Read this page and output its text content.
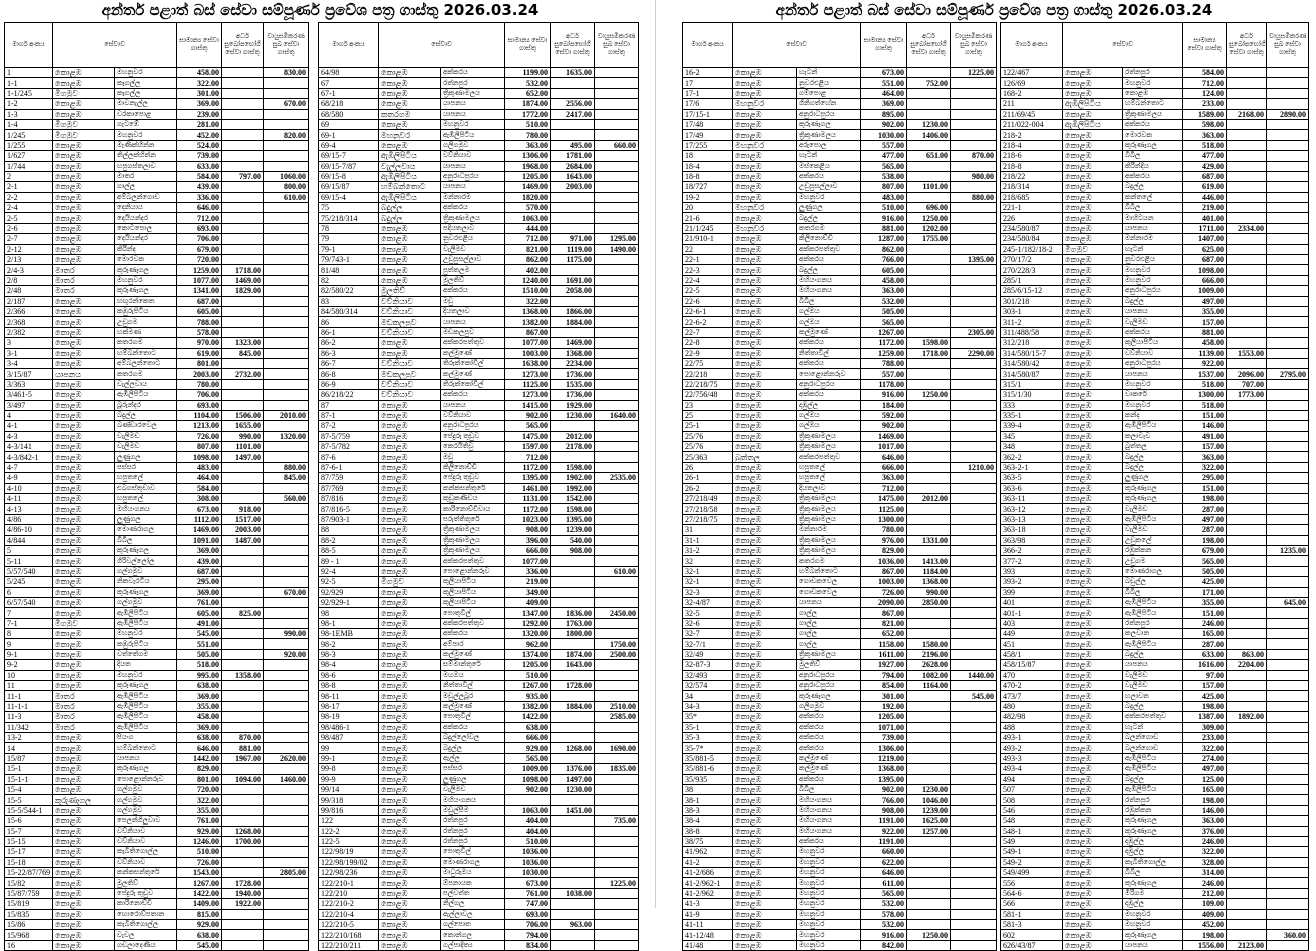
අන්තර් පළාත් බස් සේවා සම්පූර්ණ ප්‍රවේශ පත්‍ර ගාස්තු 2026.03.24
මාර්ග අංකය	සේවාව		සාමාන්‍ය සේවා ගාස්තු	අර්ධ සුඛෝපභෝගී සේවා ගාස්තු	වායුසමීකරණ සුඛ සේවා ගාස්තු
1	කොළඹ	මහනුවර	458.00		830.00
1-1	කොළඹ	කෑගල්ල	322.00		
1-1/245	මීගමුව	කෑගල්ල	301.00		
1-2	කොළඹ	මාවනැල්ල	369.00		670.00
1-3	කොළඹ	වරකාපොළ	239.00		
1-4	මීගමුව	ගැටඹේ	281.00		
1/245	මීගමුව	මහනුවර	452.00		820.00
1/255	කොළඹ	මැණික්හින්න	524.00		
1/627	කොළඹ	තිල්ලක්හින්න	739.00		
1/744	කොළඹ	හපුගස්තලාව	633.00		
2	කොළඹ	මාතර	584.00	797.00	1060.00
2-1	කොළඹ	ගාල්ල	439.00		800.00
2-2	කොළඹ	අම්බලන්ගොඩ	336.00		610.00
2-4	කොළඹ	දෙනියාය	646.00		
2-5	කොළඹ	දෙයියන්දර	712.00		
2-6	කොළඹ	කොටපොල	693.00		
2-7	කොළඹ	දෙයියන්දර	706.00		
2-12	කොළඹ	කිරින්ද	679.00		
2/13	කොළඹ	මොරවක	720.00		
2/4-3	මාතර	කුරුණෑගල	1259.00	1718.00	
2/8	මාතර	මහනුවර	1077.00	1469.00	
2/48	මාතර	කුරුණෑගල	1341.00	1829.00	
2/187	කොළඹ	හඟුරන්කෙත	687.00		
2/366	කොළඹ	කඹුරුපිටිය	605.00		
2/368	කොළඹ	උඩුගම	788.00		
2/382	කොළඹ	හක්මණ	578.00		
3	කොළඹ	කතරගම	970.00	1323.00	
3-1	කොළඹ	හම්බන්තොට	619.00	845.00	
3-4	කොළඹ	අම්බලන්තොට	801.00		
3/15/87	යාපනය	කතරගම	2003.00	2732.00	
3/363	කොළඹ	වැල්ලවාය	780.00		
3/461-5	කොළඹ	ඇඹිලිපිටිය	706.00		
3/497	කොළඹ	බූරුන්දර	693.00		
4	කොළඹ	බදුල්ල	1104.00	1506.00	2010.00
4-1	කොළඹ	බණ්ඩාරවෙල	1213.00	1655.00	
4-3	කොළඹ	වැලිමඩ	726.00	990.00	1320.00
4-3/141	කොළඹ	වැලිමඩ	807.00	1101.00	
4-3/842-1	කොළඹ	ලුණුගල	1098.00	1497.00	
4-7	කොළඹ	පස්සර	483.00		880.00
4-9	කොළඹ	හපුතලේ	464.00		845.00
4-10	කොළඹ	එබගස්තුඩාව	584.00		
4-11	කොළඹ	හපුතලේ	308.00		560.00
4-13	කොළඹ	මහියංගනය	673.00	918.00	
4/86	කොළඹ	ලුණුගල	1112.00	1517.00	
4/86-10	කොළඹ	මොණරාගල	1469.00	2003.00	
4/844	කොළඹ	බිබිල	1091.00	1487.00	
5	කොළඹ	කුරුණෑගල	369.00		
5-11	කොළඹ	ගිරිවල්ලෝල	439.00		
5/57/540	කොළඹ	ගල්ගමුව	687.00		
5/245	කොළඹ	නිකවැරටිය	295.00		
6	කොළඹ	කුරුණෑගල	369.00		670.00
6/57/540	කොළඹ	ගල්ගමුව	761.00		
7	කොළඹ	ඇඹිලිපිටිය	605.00	825.00	
7-1	මීගමුව	ඇඹිලිපිටිය	491.00		
8	කොළඹ	මහනුවර	545.00		990.00
9	කොළඹ	කඹුරුපිටිය	551.00		
9-1	කොළඹ	වත්තේගම	505.00		920.00
9-2	කොළඹ	දියත	518.00		
10	කොළඹ	මහනුවර	995.00	1358.00	
11	කොළඹ	කුරුණෑගල	638.00		
11-1	මාතර	ඇඹිලිපිටිය	369.00		
11-1-1	මාතර	ඇඹිලිපිටිය	355.00		
11-3	මාතර	ඇඹිලිපිටිය	458.00		
11/342	මාතර	ඇඹිලිපිටිය	369.00		
13-2	කොළඹ	පියංග	638.00	870.00	
14	කොළඹ	හම්බන්තොට	646.00	881.00	
15/87	කොළඹ	යාපනය	1442.00	1967.00	2620.00
15-1	කොළඹ	කුරුණෑගල	829.00		
15-1-1	කොළඹ	පොළොන්නරුව	801.00	1094.00	1460.00
15-4	කොළඹ	ගල්ගමුව	720.00		
15-5	කුරුණෑගල	ගල්ගමුව	322.00		
15-5/544-1	කොළඹ	ගල්ගමුව	355.00		
15-6	කොළඹ	පෙලන්ගිලුවාව	761.00		
15-7	කොළඹ	වව්නියාව	929.00	1268.00	
15-15	කොළඹ	වව්නියාව	1246.00	1700.00	
15-17	කොළඹ	කැබිතිගොල්ල	510.00		
15-18	කොළඹ	වව්නියාව	726.00		
15-22/87/769	කොළඹ	කන්කසන්තුරේ	1543.00		2805.00
15/82	කොළඹ	මුලතිව්	1267.00	1728.00	
15/87/759	කොළඹ	පේදුරු තුඩුව	1422.00	1940.00	
15/819	කොළඹ	කාරිනොච්චි	1409.00	1922.00	
15/835	කොළඹ	හොරොව්පතාන	815.00		
15/86	කොළඹ	කැබිතිගොල්ල	929.00		
15/968	කොළඹ	වැවල	638.00		
16	කොළඹ	ගඩලාදෙණිය	545.00		
මාර්ග අංකය	සේවාව		සාමාන්‍ය සේවා ගාස්තු	අර්ධ සුඛෝපභෝගී සේවා ගාස්තු	වායුසමීකරණ සුඛ සේවා ගාස්තු
64/98	කොළඹ	අක්කරය	1199.00	1635.00	
67	කොළඹ	රත්නපුර	532.00		
67-1	කොළඹ	ත්‍රිකුණාමලය	652.00		
68/218	කොළඹ	යාපනය	1874.00	2556.00	
68/580	කතරගම	යාපනය	1772.00	2417.00	
69	කොළඹ	මහනුවර	510.00		
69-1	මහනුවර	ඇඹිලිපිටිය	780.00		
69-4	කොළඹ	ගලිගමුව	363.00	495.00	660.00
69/15-7	ඇඹිලිපිටිය	වව්නියාව	1306.00	1781.00	
69/15-7/87	වැල්ලවාය	යාපනය	1968.00	2684.00	
69/15-8	ඇඹිලිපිටිය	අනුරාධපුරය	1205.00	1643.00	
69/15/87	හම්බන්තොට	යාපනය	1469.00	2003.00	
69/15-4	ඇඹිලිපිටිය	මන්නාරම	1820.00		
75	බදුල්ල	අක්කරය	570.00		
75/218/314	බදුල්ල	ත්‍රිකුණාමලය	1063.00		
78	කොළඹ	පදියතලාව	444.00		
79	කොළඹ	නුවරඑළිය	712.00	971.00	1295.00
79-1	කොළඹ	වැලිමඩ	821.00	1119.00	1490.00
79/743-1	කොළඹ	උඩුපුසල්ලාව	862.00	1175.00	
81/48	කොළඹ	පුත්තලම	402.00		
82	කොළඹ	මුලතිව්	1240.00	1691.00	
82/580/22	මුලතිව්	අක්කරය	1510.00	2058.00	
83	වව්නියාව	මඩු	322.00		
84/580/314	වව්නියාව	දියතලාව	1368.00	1866.00	
86	මඩකලපුව	යාපනය	1382.00	1884.00	
86-1	වව්නියාව	මඩකලපුව	867.00		
86-2	කොළඹ	අක්කරපත්තුව	1077.00	1469.00	
86-3	කොළඹ	කල්මුණේ	1003.00	1368.00	
86-7	වව්නියාව	තිරුක්කෝවිල්	1638.00	2234.00	
86-8	මඩකලපුව	කල්මුණේ	1273.00	1736.00	
86-9	වව්නියාව	තිරුක්කෝවිල්	1125.00	1535.00	
86/218/22	වව්නියාව	අක්කරය	1273.00	1736.00	
87	කොළඹ	යාපනය	1415.00	1929.00	
87-1	කොළඹ	වව්නියාව	902.00	1230.00	1640.00
87-2	කොළඹ	අනුරාධපුරය	565.00		
87-5/759	කොළඹ	පේදුරු තුඩුව	1475.00	2012.00	
87-5/782	කොළඹ	කෙරයිතිවු	1597.00	2178.00	
87-6	කොළඹ	මඩු	712.00		
87-6-1	කොළඹ	කිලිනොච්චි	1172.00	1598.00	
87/759	කොළඹ	පේදුරු තුඩුව	1395.00	1902.00	2535.00
87/769	කොළඹ	කන්කසන්තුරේ	1461.00	1992.00	
87/816	කොළඹ	කුඩුකණිඩය	1131.00	1542.00	
87/816-5	කොළඹ	කාරිනොච්චිවාය	1172.00	1598.00	
87/903-1	කොළඹ	පරුත්තිතුරේ	1023.00	1395.00	
88	කොළඹ	ත්‍රිකුණාමලය	908.00	1239.00	
88-2	කොළඹ	ත්‍රිකුණාමලය	396.00	540.00	
88-5	කොළඹ	ත්‍රිකුණාමලය	666.00	908.00	
89 - 1	කොළඹ	අක්කරපත්තුව	1077.00		
92-4	කොළඹ	පොළොන්නරුව	336.00		610.00
92-5	මීගමුව	කුලියාපිටිය	219.00		
92/929	කොළඹ	කුලියාපිටිය	349.00		
92/929-1	කොළඹ	කුලියාපිටිය	409.00		
98	කොළඹ	පොතුවිල්	1347.00	1836.00	2450.00
98-1	කොළඹ	අක්කරපත්තුව	1292.00	1763.00	
98-1EMB	කොළඹ	අක්කරය	1320.00	1800.00	
98-2	කොළඹ	අම්පාර	962.00		1750.00
98-3	කොළඹ	කල්මුණේ	1374.00	1874.00	2500.00
98-4	කොළඹ	සම්මාන්තුරේ	1205.00	1643.00	
98-6	කොළඹ	මහඔය	510.00		
98-8	කොළඹ	නිත්තාවිල්	1267.00	1728.00	
98-11	කොළඹ	මඩුල්ලබූර	935.00		
98-17	කොළඹ	කල්මුණේ	1382.00	1884.00	2510.00
98-19	කොළඹ	පොතුවිල්	1422.00		2585.00
98/486-1	කොළඹ	අක්කරය	638.00		
98/487	කොළඹ	බදුල්ලෝවල	666.00		
99	කොළඹ	බදුල්ල	929.00	1268.00	1690.00
99-1	කොළඹ	ඇල්ල	565.00		
99-8	කොළඹ	පස්සර	1009.00	1376.00	1835.00
99-9	කොළඹ	ලුණුගල	1098.00	1497.00	
99/14	කොළඹ	වැලිමඩ	902.00	1230.00	
99/318	කොළඹ	මහියංගනය			
99/816	කොළඹ	මඩුල්සීම	1063.00	1451.00	
122	කොළඹ	රත්නපුර	404.00		735.00
122-2	කොළඹ	රත්නපුර	404.00		
122-5	කොළඹ	රත්නපුර	510.00		
122/98/19	කොළඹ	පොතුවිල්	1036.00		
122/98/199/02	කොළඹ	මොණරාගල	1036.00		
122/98/236	කොළඹ	මාධුරුඔය	1030.00		
122/210-1	කොළඹ	ඕපනායක	673.00		1225.00
122/210	කොළඹ	පල්වත්ත	761.00	1038.00	
122/210-2	කොළඹ	නිල්ගල	747.00		
122/210-4	කොළඹ	ඇල්ලාවල	693.00		
122/210-5	කොළඹ	ගල්පොත	706.00	963.00	
122/210/168	කොළඹ	කොන්ගල	794.00		
122/210/211	කොළඹ	ගල්පාදිත්‍ය	834.00		
අන්තර් පළාත් බස් සේවා සම්පූර්ණ ප්‍රවේශ පත්‍ර ගාස්තු 2026.03.24
මාර්ග අංකය	සේවාව		සාමාන්‍ය සේවා ගාස්තු	අර්ධ සුඛෝපභෝගී සේවා ගාස්තු	වායුසමීකරණ සුඛ සේවා ගාස්තු
16-2	කොළඹ	හැටන්	673.00		1225.00
17	කොළඹ	නුවරඑළිය	551.00	752.00	
17-1	කොළඹ	ගම්පොළ	464.00		
17/6	මහනුවර	ගිනිගත්හේන	369.00		
17/15-1	කොළඹ	අනුරාධපුරය	895.00		
17/48	කොළඹ	කුරුණෑගල	902.00	1230.00	
17/49	කොළඹ	ත්‍රිකුණාමලය	1030.00	1406.00	
17/255	මහනුවර	අරුපොල	557.00		
18	කොළඹ	හැටන්	477.00	651.00	870.00
18-4	කොළඹ	මස්කෙළිය	565.00		
18-8	කොළඹ	අක්කරය	538.00		980.00
18/727	කොළඹ	උඩුපුසල්ලාව	807.00	1101.00	
19-2	කොළඹ	මහනුවර	483.00		880.00
20	මහනුවර	ලුණුගල	510.00	696.00	
21-6	කොළඹ	බදුල්ල	916.00	1250.00	
21/1/245	මහනුවර	කතරගම	881.00	1202.00	
21/910-1	කොළඹ	කිලිනොච්චි	1287.00	1755.00	
22	කොළඹ	අක්කරපත්තුව	862.00		
22-1	කොළඹ	අක්කරය	766.00		1395.00
22-3	කොළඹ	බදුල්ල	605.00		
22-4	කොළඹ	මහියංගනය	458.00		
22-5	කොළඹ	මහියංගනය	363.00		
22-6	කොළඹ	බිබිල	532.00		
22-6-1	කොළඹ	ගල්ඔය	505.00		
22-6-2	කොළඹ	ගල්ඔය	565.00		
22-7	කොළඹ	කල්මුණේ	1267.00		2305.00
22-8	කොළඹ	අක්කරය	1172.00	1598.00	
22-9	කොළඹ	නිත්තාවිල්	1259.00	1718.00	2290.00
22/75	කොළඹ	අක්කරය	788.00		
22/218	කොළඹ	පොළොන්නරුව	557.00		
22/218/75	කොළඹ	අනුරාධපුරය	1178.00		
22/756/48	කොළඹ	අක්කරය	916.00	1250.00	
23	කොළඹ	දඹුල්ල	184.00		
25	කොළඹ	ගල්ඔය	592.00		
25-1	කොළඹ	ගල්ඔය	902.00		
25/76	කොළඹ	ත්‍රිකුණාමලය	1469.00		
25/76	කොළඹ	ත්‍රිකුණාමලය	1017.00		
25/363	බුත්තල	අක්කරපත්තුව	646.00		
26	කොළඹ	හපුතලේ	666.00		1210.00
26-1	කොළඹ	හපුතලේ	363.00		
26-2	කොළඹ	දියතලාව	712.00		
27/218/49	කොළඹ	ත්‍රිකුණාමලය	1475.00	2012.00	
27/218/58	කොළඹ	ත්‍රිකුණාමලය	1125.00		
27/218/75	කොළඹ	ත්‍රිකුණාමලය	1300.00		
31	කොළඹ	මන්නාරම	780.00		
31-1	කොළඹ	ත්‍රිකුණාමලය	976.00	1331.00	
31-2	කොළඹ	ත්‍රිකුණාමලය	829.00		
32	කොළඹ	කතරගම	1036.00	1413.00	
32-1	කොළඹ	හම්බන්තොට	867.00	1184.00	
32-1	කොළඹ	ගොඩකවෙල	1003.00	1368.00	
32-3	කොළඹ	ගොඩකවෙල	726.00	990.00	
32-4/87	කොළඹ	යාපනය	2090.00	2850.00	
32-5	කොළඹ	ගාල්ල	867.00		
32-6	කොළඹ	ගාල්ල	821.00		
32-7	කොළඹ	ගාල්ල	652.00		
32-7/1	කොළඹ	ගාල්ල	1158.00	1580.00	
32/49	කොළඹ	ත්‍රිකුණාමලය	1611.00	2196.00	
32-87-3	කොළඹ	මුලතිව්	1927.00	2628.00	
32/493	කොළඹ	අනුරාධපුරය	794.00	1082.00	1440.00
32/574	කොළඹ	අනුරාධපුරය	854.00	1164.00	
34	කොළඹ	කුරුණෑගල	301.00		545.00
34-3	කොළඹ	ගලිගමුව	192.00		
35*	කොළඹ	අක්කරය	1205.00		
35-1	කොළඹ	අක්කරය	1071.00		
35-3	කොළඹ	අක්කරය	739.00		
35-7*	කොළඹ	අක්කරය	1306.00		
35/881-5	කොළඹ	කල්මුණේ	1219.00		
35/881-6	කොළඹ	කල්මුණේ	1368.00		
35/935	කොළඹ	අක්කරය	1395.00		
38	කොළඹ	බිබිල	902.00	1230.00	
38-1	කොළඹ	මහියංගනය	766.00	1046.00	
38-3	කොළඹ	මහියංගනය	908.00	1239.00	
38-4	කොළඹ	මහියංගනය	1191.00	1625.00	
38-8	කොළඹ	මහියංගනය	922.00	1257.00	
38/75	කොළඹ	අක්කරය	1191.00		
41/962	කොළඹ	මහනුවර	660.00		
41-2	කොළඹ	මහනුවර	622.00		
41-2/686	කොළඹ	මහනුවර	646.00		
41-2/962-1	කොළඹ	මහනුවර	611.00		
41-2/962	කොළඹ	මහනුවර	565.00		
41-3	කොළඹ	මහනුවර	532.00		
41-9	කොළඹ	මහනුවර	578.00		
41-11	කොළඹ	මහනුවර	532.00		
41-12/48	කොළඹ	මහනුවර	916.00	1250.00	
41/48	කොළඹ	මහනුවර	842.00		
මාර්ග අංකය	සේවාව		සාමාන්‍ය සේවා ගාස්තු	අර්ධ සුඛෝපභෝගී සේවා ගාස්තු	වායුසමීකරණ සුඛ සේවා ගාස්තු
122/467	කොළඹ	රත්නපුර	584.00		
126/69	කොළඹ	මහනුවර	712.00		
168-2	කොළඹ	කොළඹ	124.00		
211	ඇඹිලිපිටිය	හම්බන්තොට	233.00		
211/69/45	කොළඹ	ත්‍රිකුණාමලය	1589.00	2168.00	2890.00
211/022-004	ඇඹිලිපිටිය	අක්කරය	598.00		
218-2	කොළඹ	මොරවක	363.00		
218-4	කොළඹ	කුරුණෑගල	518.00		
218-6	කොළඹ	බිබිල	477.00		
218-8	කොළඹ	කිරින්දිය	429.00		
218/22	කොළඹ	අක්කරය	687.00		
218/314	කොළඹ	බදුල්ල	619.00		
218/685	කොළඹ	කන්තලේ	446.00		
221-1	කොළඹ	බිබිල	219.00		
226	කොළඹ	මාහිටයන	401.00		
234/580/87	කොළඹ	යාපනය	1711.00	2334.00	
234/580/84	කොළඹ	මන්නාරම	1407.00		
245-1/182/18-2	මීගමුව	හැටන්	625.00		
270/17/2	කොළඹ	නුවරඑළිය	687.00		
270/228/3	කොළඹ	මහනුවර	1098.00		
285/1	කොළඹ	මහනුවර	666.00		
285/6/15-12	කොළඹ	අනුරාධපුරය	1009.00		
301/218	කොළඹ	බදුල්ල	497.00		
303-1	කොළඹ	යාපනය	355.00		
311-2	කොළඹ	වැලිමඩ	157.00		
311/488/58	කොළඹ	අක්කරය	881.00		
312/218	කොළඹ	කුලියාපිටිය	458.00		
314/580/15-7	කොළඹ	වව්නියාව	1139.00	1553.00	
314/580/42	කොළඹ	අනුරාධපුරය	922.00		
314/580/87	කොළඹ	යාපනය	1537.00	2096.00	2795.00
315/1	කොළඹ	මහනුවර	518.00	707.00	
315/1/30	කොළඹ	වාකරේ	1300.00	1773.00	
333	කොළඹ	මහනුවර	518.00		
335-1	කොළඹ	කන්ද	151.00		
339-4	කොළඹ	ඇඹිලිපිටිය	146.00		
345	කොළඹ	කලාවැව	491.00		
348	කොළඹ	බුත්තල	157.00		
362-2	කොළඹ	බදුල්ල	363.00		
363-2-1	කොළඹ	බදුල්ල	322.00		
363-5	කොළඹ	ලුණුගල	295.00		
363-6	කොළඹ	කුරුණෑගල	151.00		
363-11	කොළඹ	කුරුණෑගල	198.00		
363-12	කොළඹ	වැලිමඩ	287.00		
363-13	කොළඹ	ඇඹිලිපිටිය	497.00		
363-18	කොළඹ	වැලිමඩ	287.00		
363/98	කොළඹ	උඩුකලේ	198.00		
366-2	කොළඹ	රඹුක්කන	679.00		1235.00
377-2	කොළඹ	උඩුගම	565.00		
393	කොළඹ	මොණරාගල	505.00		
393-2	කොළඹ	බඩුල්ල	425.00		
399	කොළඹ	බිබිල	171.00		
401	කොළඹ	ඇඹිලිපිටිය	355.00		645.00
401-1	කොළඹ	ඇඹිලිපිටිය	151.00		
403	කොළඹ	රත්නපුර	246.00		
449	කොළඹ	කලවාන	165.00		
451	කොළඹ	ඇඹිලිපිටිය	287.00		
458/1	කොළඹ	බදුල්ල	633.00	863.00	
458/15/87	කොළඹ	යාපනය	1616.00	2204.00	
470	කොළඹ	වැලිමඩ	97.00		
470-2	කොළඹ	වැලිමඩ	157.00		
473/7	කොළඹ	හලාවත	425.00		
480	කොළඹ	බදුල්ල	198.00		
482/98	කොළඹ	අක්කරපත්තුව	1387.00	1892.00	
488	කොළඹ	හැටන්	309.00		
493-1	කොළඹ	බලන්ගොඩ	233.00		
493-2	කොළඹ	බලන්ගොඩ	322.00		
493-3	කොළඹ	ඇඹිලිපිටිය	274.00		
493-4	කොළඹ	ඇඹිලිපිටිය	497.00		
494	කොළඹ	බදුල්ල	125.00		
507	කොළඹ	ඇඹිලිපිටිය	165.00		
508	කොළඹ	රත්නපුර	198.00		
546	කොළඹ	රඹුක්කන	146.00		
548	කොළඹ	කුරුණෑගල	363.00		
548-1	කොළඹ	කුරුණෑගල	376.00		
549	කොළඹ	දඹුල්ල	246.00		
549-1	කොළඹ	දඹුල්ල	322.00		
549-2	කොළඹ	කැබිතිගොල්ල	328.00		
549/499	කොළඹ	බිබිල	314.00		
556	කොළඹ	කුරුණෑගල	246.00		
564-6	කොළඹ	මීරිගම	212.00		
566	කොළඹ	දඹුල්ල	109.00		
581-1	කොළඹ	මහනුවර	409.00		
581-3	කොළඹ	මහනුවර	452.00		
602	කොළඹ	කුරුණෑගල	198.00		360.00
626/43/87	කොළඹ	යාපනය	1556.00	2123.00	
